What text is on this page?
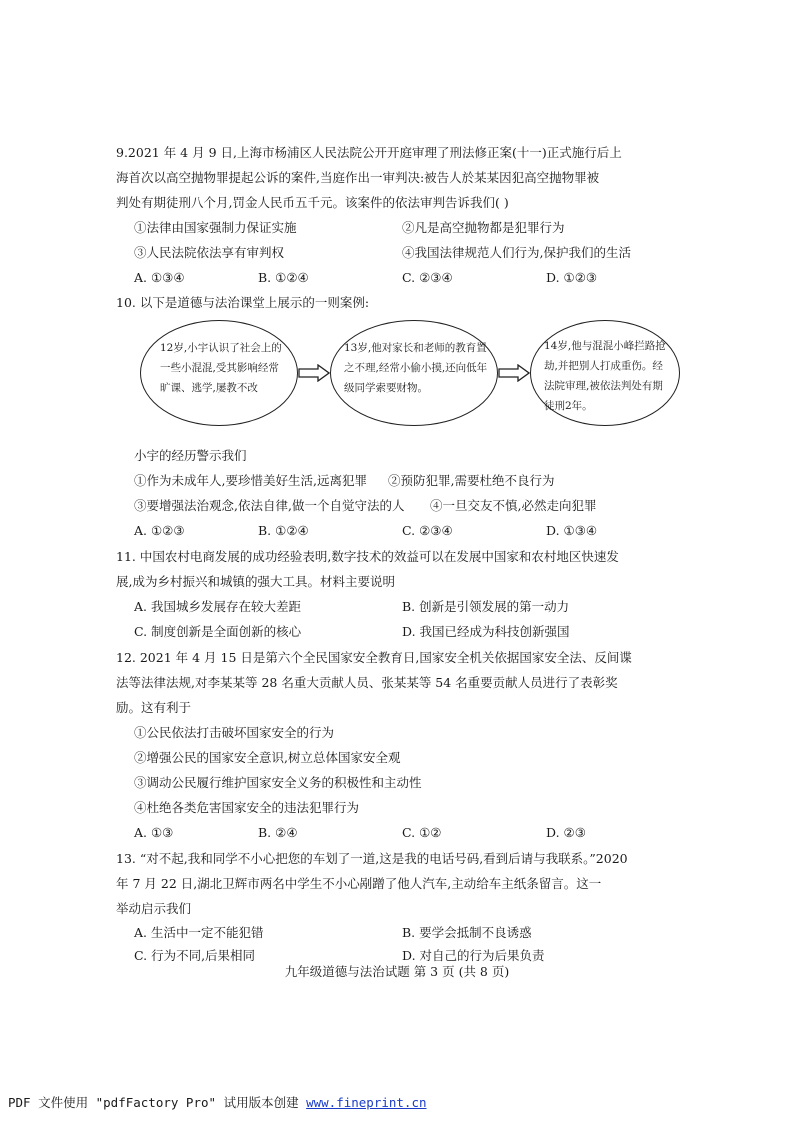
9.2021 年 4 月 9 日,上海市杨浦区人民法院公开开庭审理了刑法修正案(十一)正式施行后上
海首次以高空抛物罪提起公诉的案件,当庭作出一审判决:被告人於某某因犯高空抛物罪被
判处有期徒刑八个月,罚金人民币五千元。该案件的依法审判告诉我们( )
①法律由国家强制力保证实施	②凡是高空抛物都是犯罪行为
③人民法院依法享有审判权	④我国法律规范人们行为,保护我们的生活
A. ①③④	B. ①②④	C. ②③④	D. ①②③
10. 以下是道德与法治课堂上展示的一则案例:
12岁,小宇认识了社会上的一些小混混,受其影响经常旷课、逃学,屡教不改
13岁,他对家长和老师的教育置之不理,经常小偷小摸,还向低年级同学索要财物。
14岁,他与混混小峰拦路抢劫,并把别人打成重伤。经法院审理,被依法判处有期徒刑2年。
小宇的经历警示我们
①作为未成年人,要珍惜美好生活,远离犯罪 ②预防犯罪,需要杜绝不良行为
③要增强法治观念,依法自律,做一个自觉守法的人 ④一旦交友不慎,必然走向犯罪
A. ①②③	B. ①②④	C. ②③④	D. ①③④
11. 中国农村电商发展的成功经验表明,数字技术的效益可以在发展中国家和农村地区快速发
展,成为乡村振兴和城镇的强大工具。材料主要说明
A. 我国城乡发展存在较大差距	B. 创新是引领发展的第一动力
C. 制度创新是全面创新的核心	D. 我国已经成为科技创新强国
12. 2021 年 4 月 15 日是第六个全民国家安全教育日,国家安全机关依据国家安全法、反间谍
法等法律法规,对李某某等 28 名重大贡献人员、张某某等 54 名重要贡献人员进行了表彰奖
励。这有利于
①公民依法打击破坏国家安全的行为
②增强公民的国家安全意识,树立总体国家安全观
③调动公民履行维护国家安全义务的积极性和主动性
④杜绝各类危害国家安全的违法犯罪行为
A. ①③	B. ②④	C. ①②	D. ②③
13. “对不起,我和同学不小心把您的车划了一道,这是我的电话号码,看到后请与我联系。”2020
年 7 月 22 日,湖北卫辉市两名中学生不小心剐蹭了他人汽车,主动给车主纸条留言。这一
举动启示我们
A. 生活中一定不能犯错	B. 要学会抵制不良诱惑
C. 行为不同,后果相同	D. 对自己的行为后果负责
九年级道德与法治试题 第 3 页 (共 8 页)
PDF 文件使用 "pdfFactory Pro" 试用版本创建 www.fineprint.cn
